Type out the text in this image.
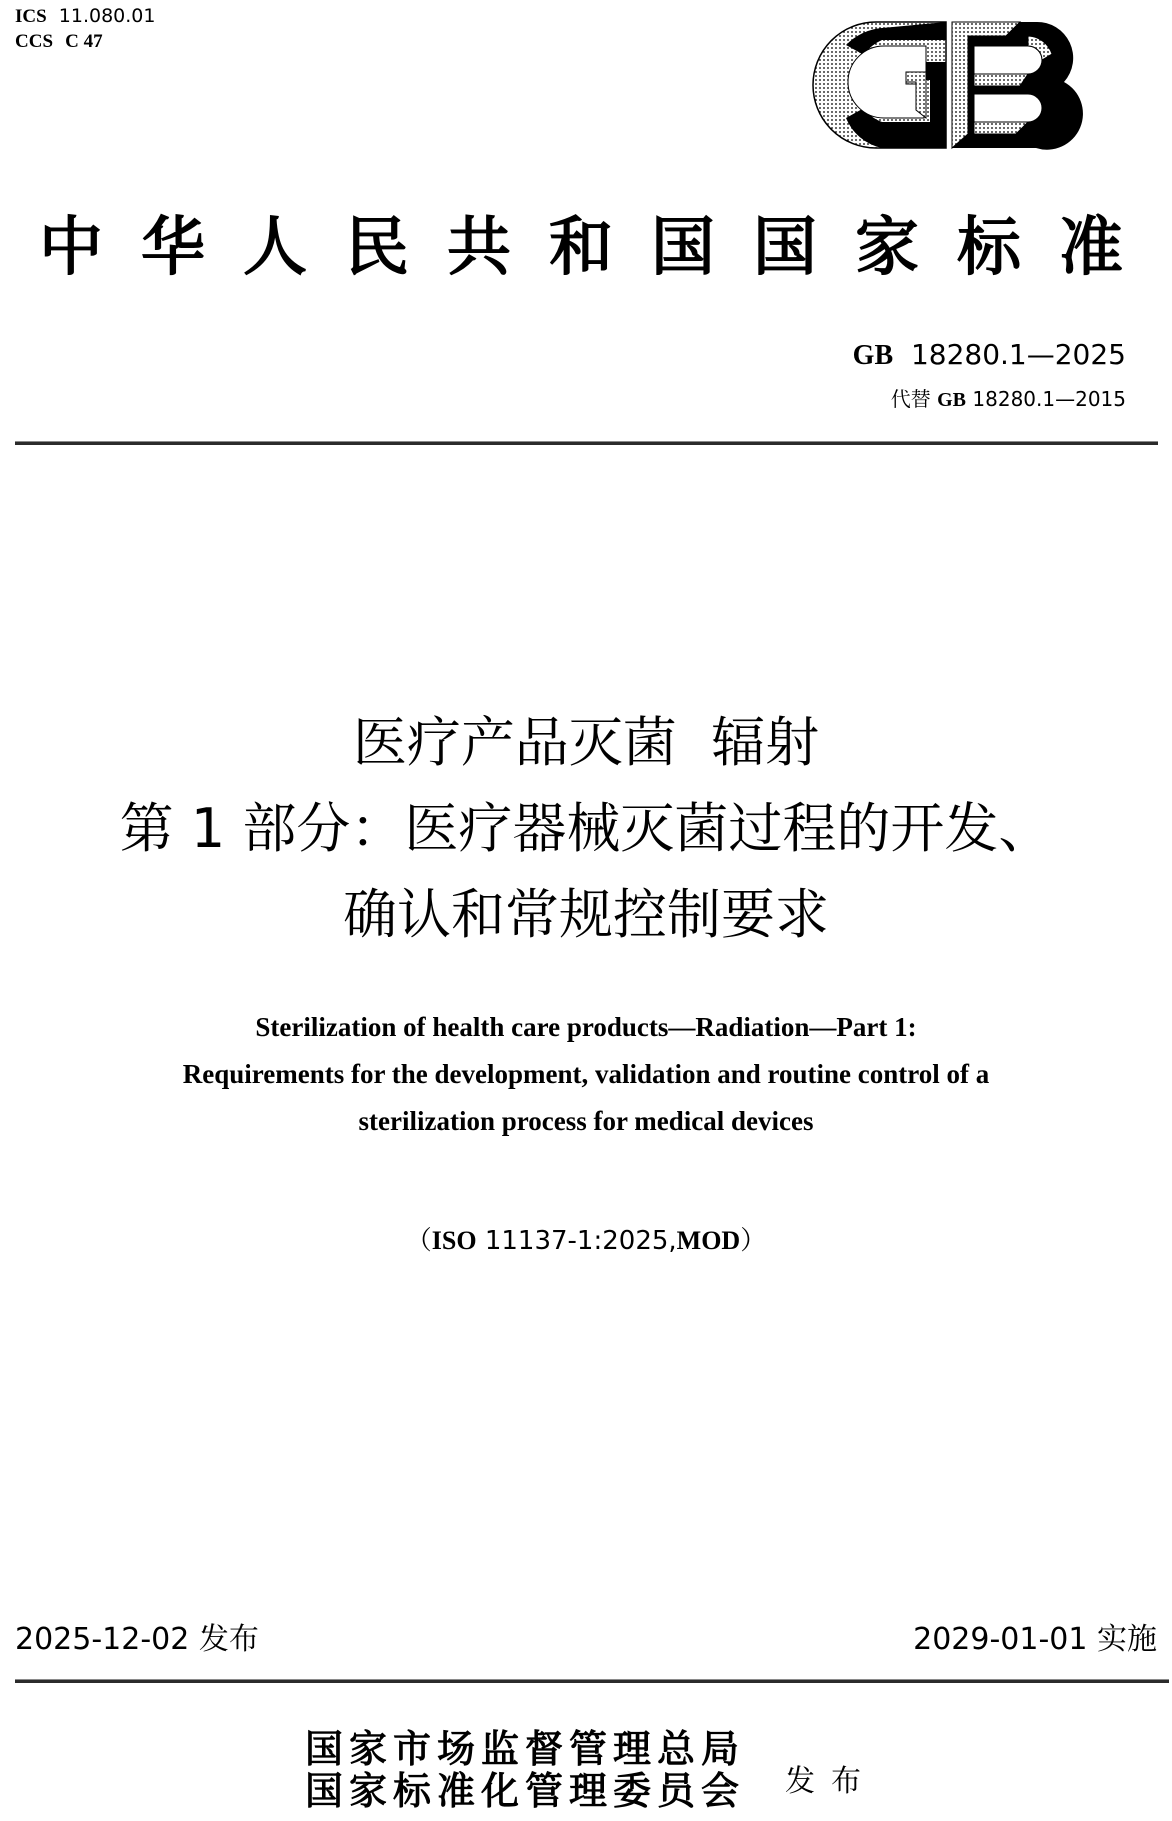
ICS 11.080.01
CCS C 47
中华人民共和国国家标准
GB 18280.1—2025
代替 GB 18280.1—2015
医疗产品灭菌  辐射
第 1 部分：医疗器械灭菌过程的开发、
确认和常规控制要求
Sterilization of health care products—Radiation—Part 1:
Requirements for the development, validation and routine control of a
sterilization process for medical devices
（ISO 11137-1:2025,MOD）
2025-12-02 发布	2029-01-01 实施
国家市场监督管理总局
国家标准化管理委员会 发布
